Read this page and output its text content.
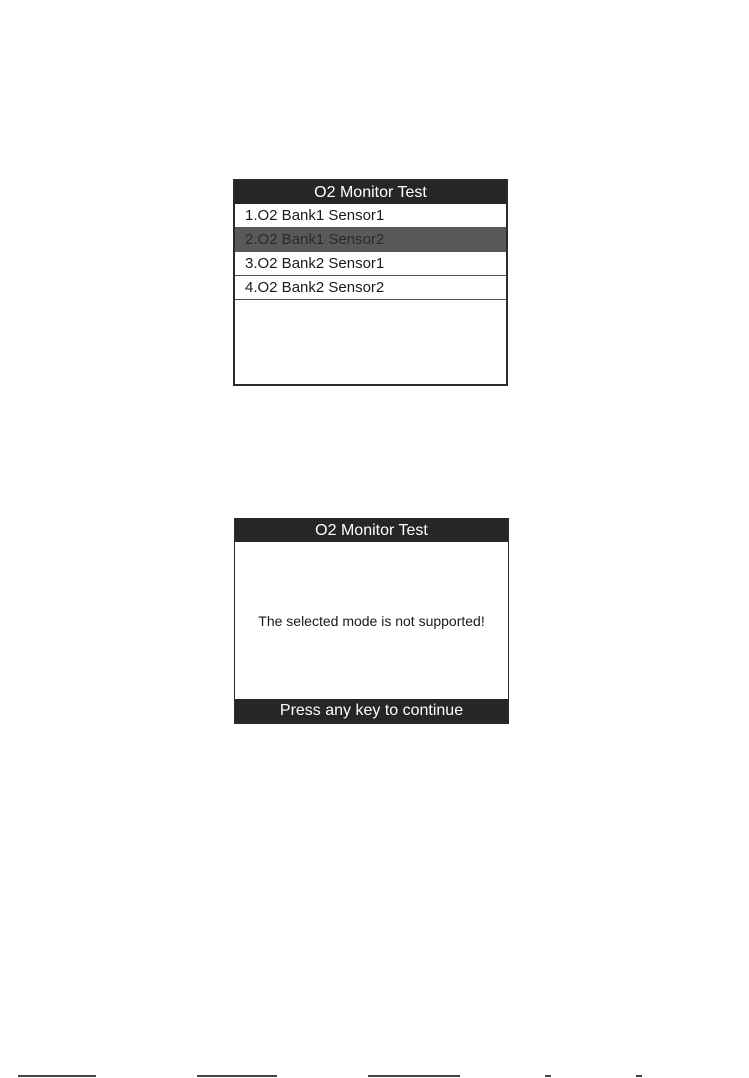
O2 Monitor Test
1.O2 Bank1 Sensor1
2.O2 Bank1 Sensor2
3.O2 Bank2 Sensor1
4.O2 Bank2 Sensor2
O2 Monitor Test
The selected mode is not supported!
Press any key to continue
